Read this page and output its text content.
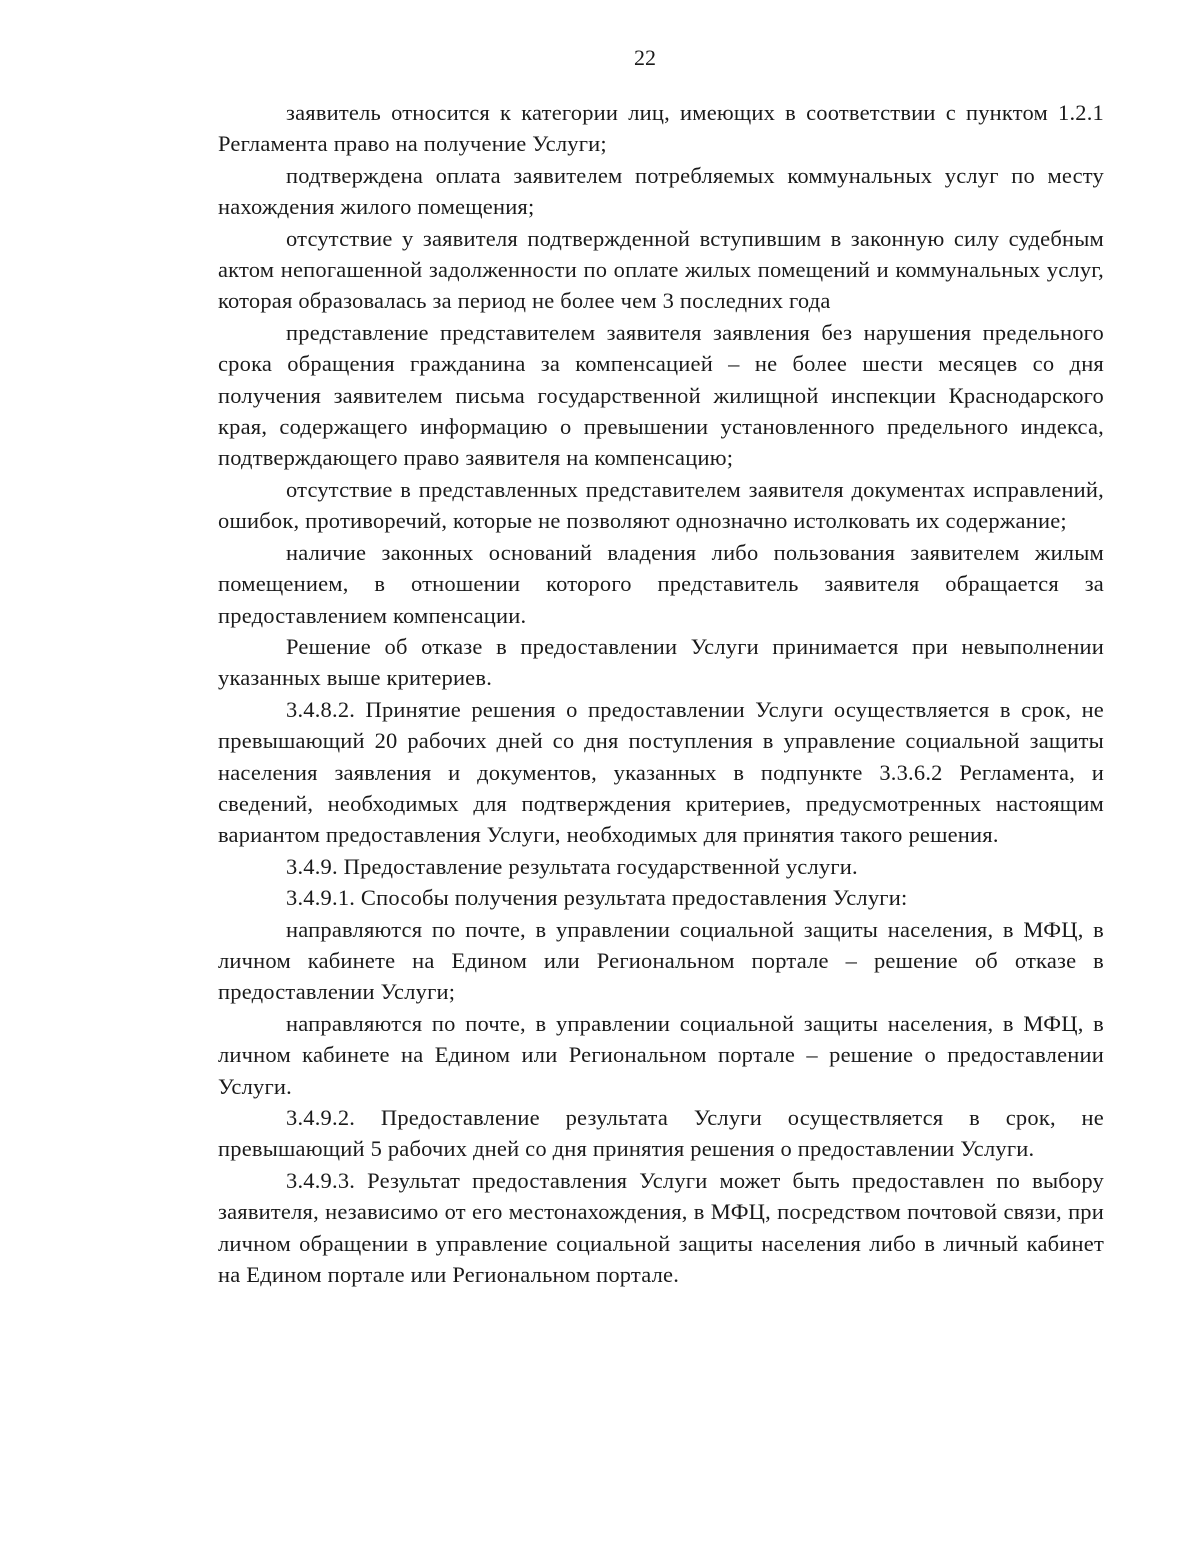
22

заявитель относится к категории лиц, имеющих в соответствии с пунктом 1.2.1 Регламента право на получение Услуги;

подтверждена оплата заявителем потребляемых коммунальных услуг по месту нахождения жилого помещения;

отсутствие у заявителя подтвержденной вступившим в законную силу судебным актом непогашенной задолженности по оплате жилых помещений и коммунальных услуг, которая образовалась за период не более чем 3 последних года

представление представителем заявителя заявления без нарушения предельного срока обращения гражданина за компенсацией – не более шести месяцев со дня получения заявителем письма государственной жилищной инспекции Краснодарского края, содержащего информацию о превышении установленного предельного индекса, подтверждающего право заявителя на компенсацию;

отсутствие в представленных представителем заявителя документах исправлений, ошибок, противоречий, которые не позволяют однозначно истолковать их содержание;

наличие законных оснований владения либо пользования заявителем жилым помещением, в отношении которого представитель заявителя обращается за предоставлением компенсации.

Решение об отказе в предоставлении Услуги принимается при невыполнении указанных выше критериев.

3.4.8.2. Принятие решения о предоставлении Услуги осуществляется в срок, не превышающий 20 рабочих дней со дня поступления в управление социальной защиты населения заявления и документов, указанных в подпункте 3.3.6.2 Регламента, и сведений, необходимых для подтверждения критериев, предусмотренных настоящим вариантом предоставления Услуги, необходимых для принятия такого решения.

3.4.9. Предоставление результата государственной услуги.

3.4.9.1. Способы получения результата предоставления Услуги:

направляются по почте, в управлении социальной защиты населения, в МФЦ, в личном кабинете на Едином или Региональном портале – решение об отказе в предоставлении Услуги;

направляются по почте, в управлении социальной защиты населения, в МФЦ, в личном кабинете на Едином или Региональном портале – решение о предоставлении Услуги.

3.4.9.2. Предоставление результата Услуги осуществляется в срок, не превышающий 5 рабочих дней со дня принятия решения о предоставлении Услуги.

3.4.9.3. Результат предоставления Услуги может быть предоставлен по выбору заявителя, независимо от его местонахождения, в МФЦ, посредством почтовой связи, при личном обращении в управление социальной защиты населения либо в личный кабинет на Едином портале или Региональном портале.
